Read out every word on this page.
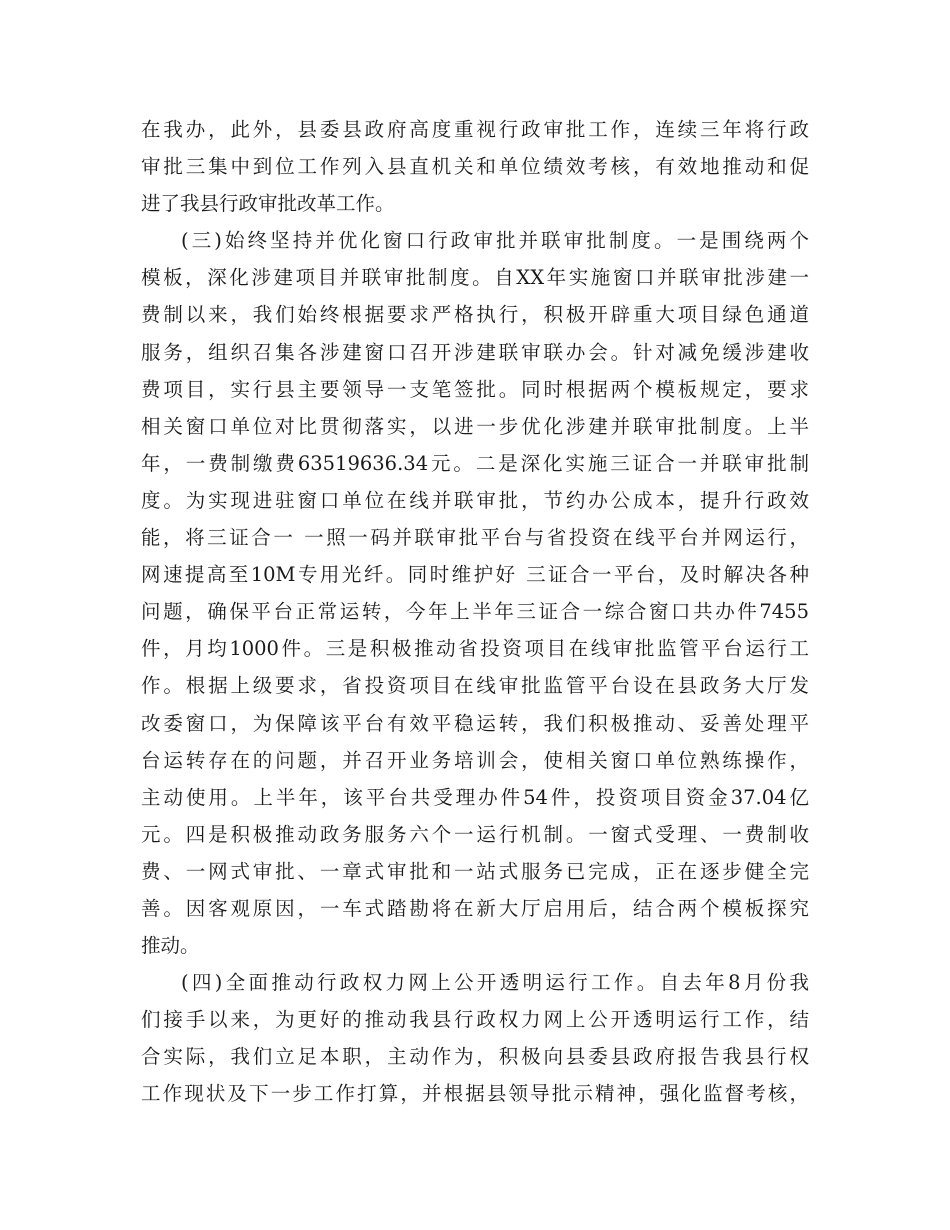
在我办，此外，县委县政府高度重视行政审批工作，连续三年将行政
审批三集中到位工作列入县直机关和单位绩效考核，有效地推动和促
进了我县行政审批改革工作。
(三)始终坚持并优化窗口行政审批并联审批制度。一是围绕两个
模板，深化涉建项目并联审批制度。自XX年实施窗口并联审批涉建一
费制以来，我们始终根据要求严格执行，积极开辟重大项目绿色通道
服务，组织召集各涉建窗口召开涉建联审联办会。针对减免缓涉建收
费项目，实行县主要领导一支笔签批。同时根据两个模板规定，要求
相关窗口单位对比贯彻落实，以进一步优化涉建并联审批制度。上半
年，一费制缴费63519636.34元。二是深化实施三证合一并联审批制
度。为实现进驻窗口单位在线并联审批，节约办公成本，提升行政效
能，将三证合一 一照一码并联审批平台与省投资在线平台并网运行，
网速提高至10M专用光纤。同时维护好 三证合一平台，及时解决各种
问题，确保平台正常运转，今年上半年三证合一综合窗口共办件7455
件，月均1000件。三是积极推动省投资项目在线审批监管平台运行工
作。根据上级要求，省投资项目在线审批监管平台设在县政务大厅发
改委窗口，为保障该平台有效平稳运转，我们积极推动、妥善处理平
台运转存在的问题，并召开业务培训会，使相关窗口单位熟练操作，
主动使用。上半年，该平台共受理办件54件，投资项目资金37.04亿
元。四是积极推动政务服务六个一运行机制。一窗式受理、一费制收
费、一网式审批、一章式审批和一站式服务已完成，正在逐步健全完
善。因客观原因，一车式踏勘将在新大厅启用后，结合两个模板探究
推动。
(四)全面推动行政权力网上公开透明运行工作。自去年8月份我
们接手以来，为更好的推动我县行政权力网上公开透明运行工作，结
合实际，我们立足本职，主动作为，积极向县委县政府报告我县行权
工作现状及下一步工作打算，并根据县领导批示精神，强化监督考核，
